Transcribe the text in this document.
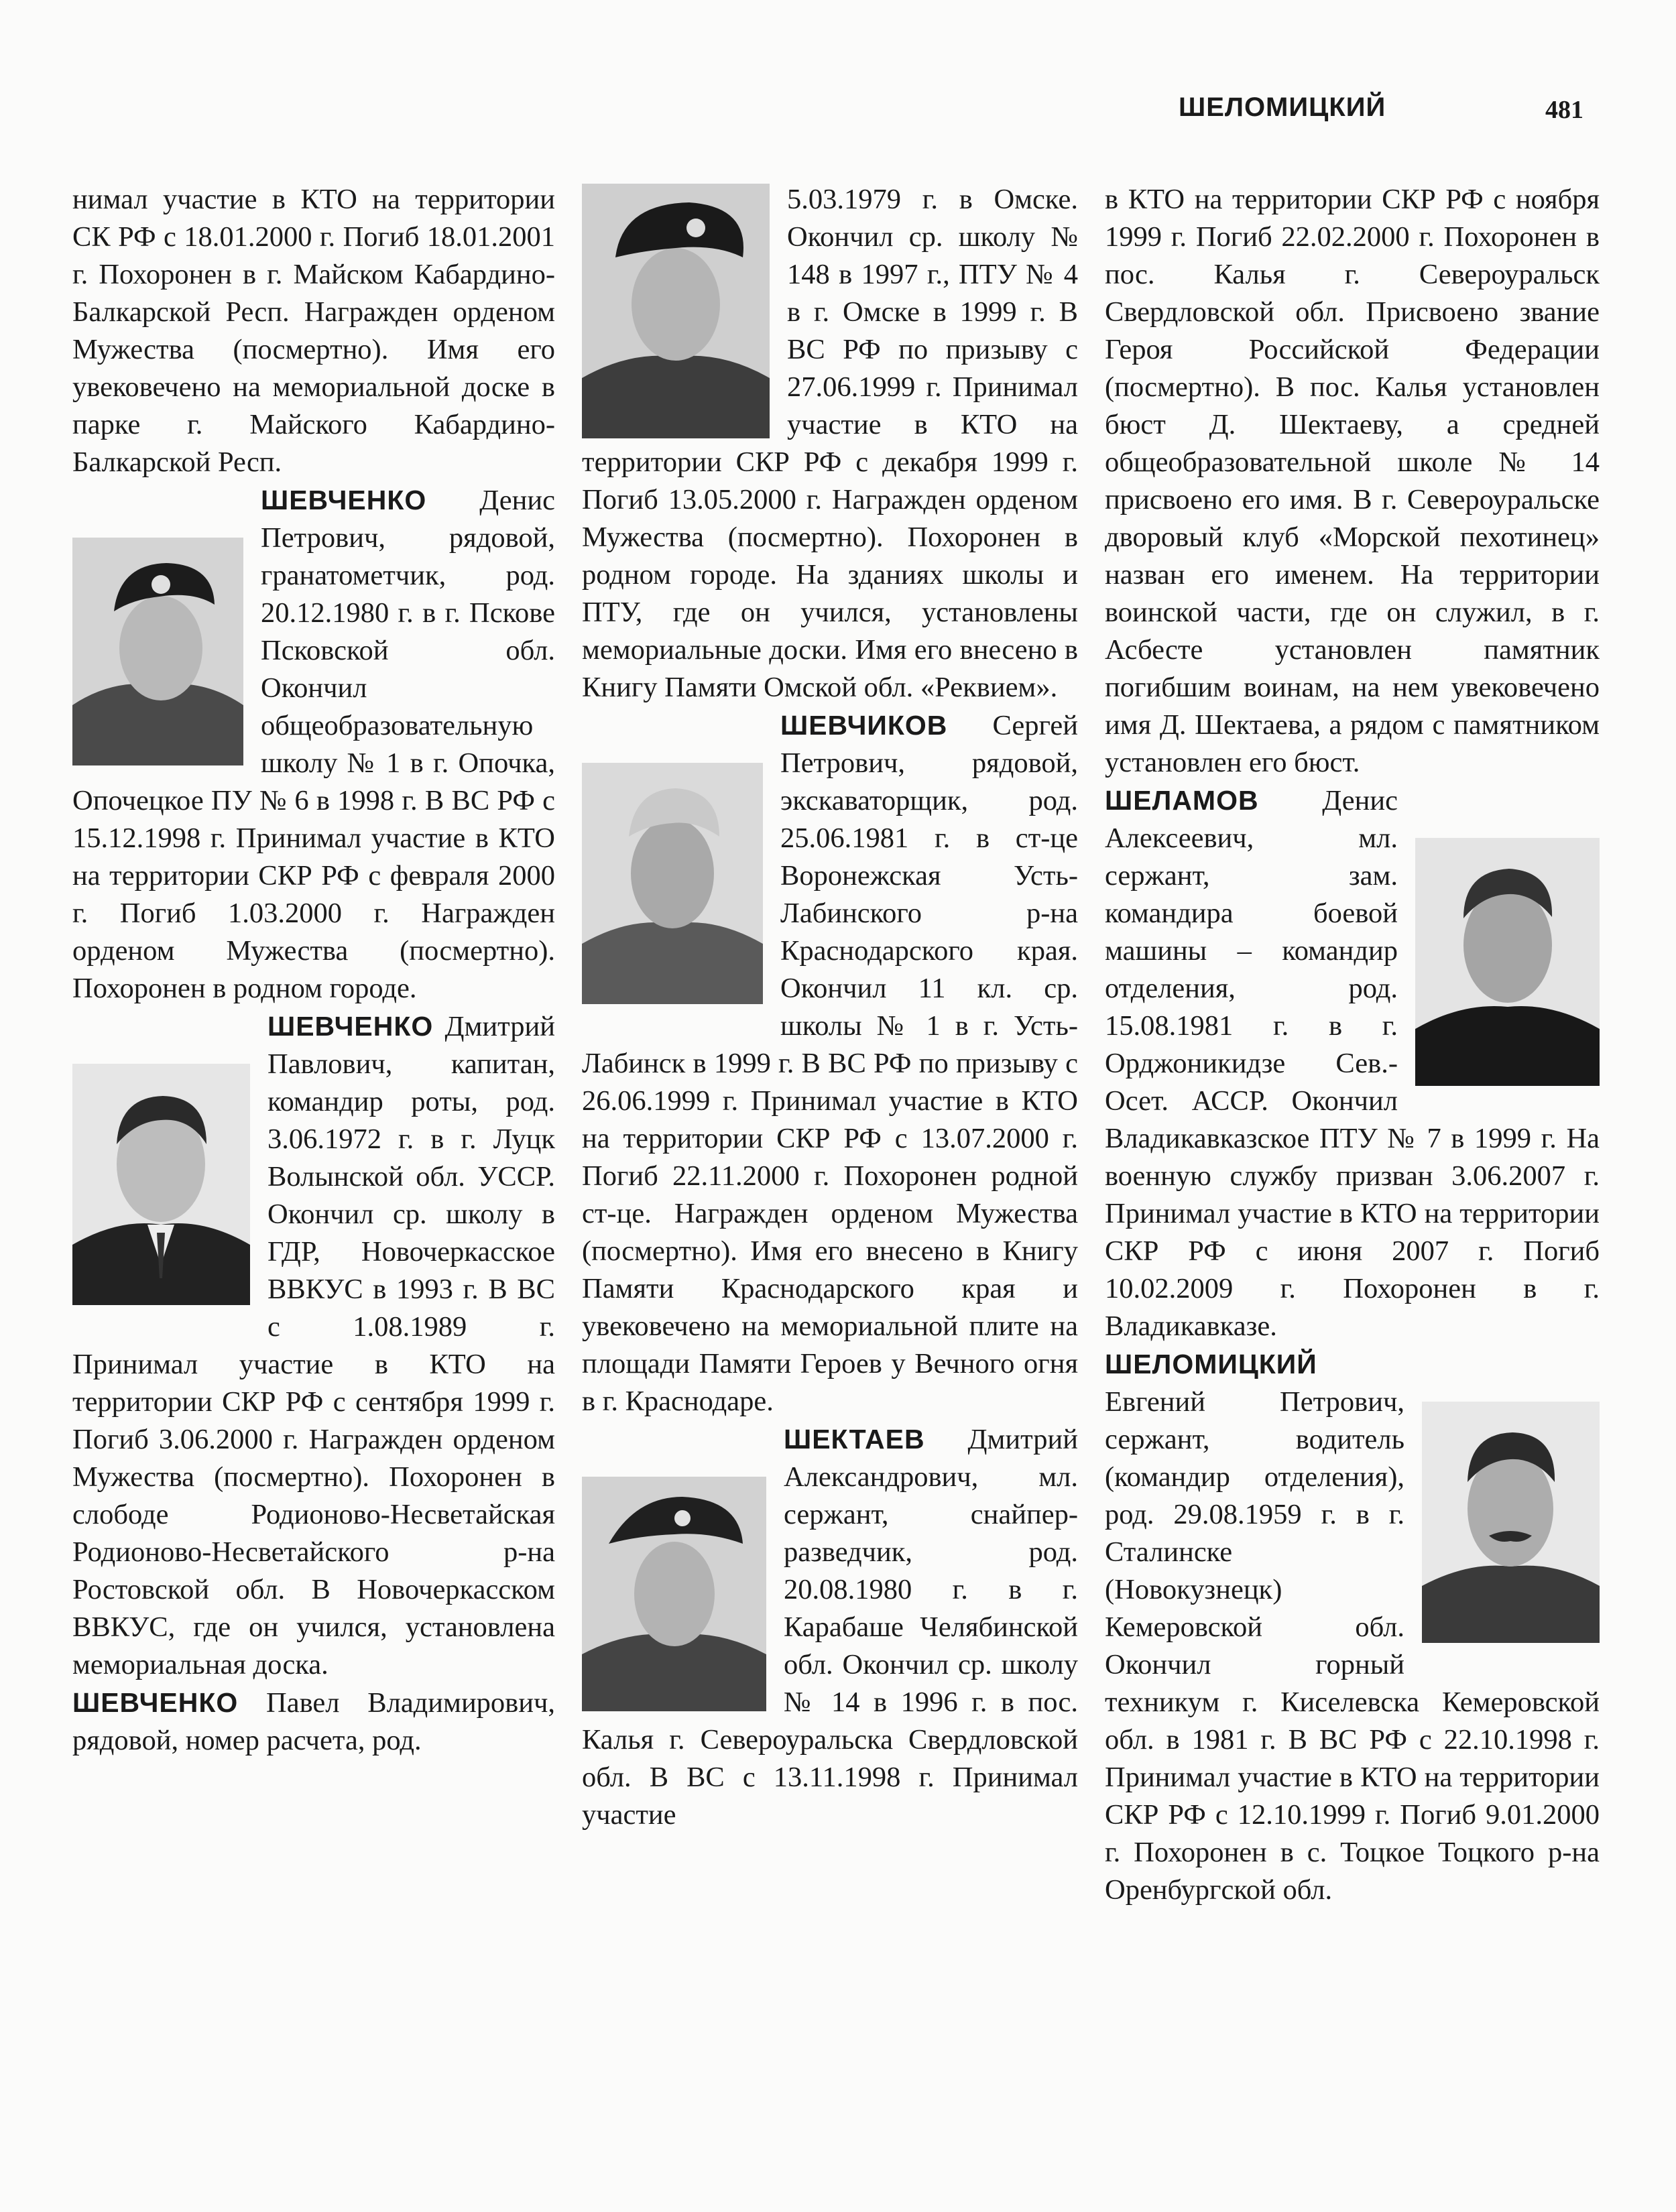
ШЕЛОМИЦКИЙ	481

нимал участие в КТО на территории СК РФ с 18.01.2000 г. Погиб 18.01.2001 г. Похоронен в г. Майском Кабардино-Балкарской Респ. Награжден орденом Мужества (посмертно). Имя его увековечено на мемориальной доске в парке г. Майского Кабардино-Балкарской Респ.

ШЕВЧЕНКО Денис Петрович, рядовой, гранатометчик, род. 20.12.1980 г. в г. Пскове Псковской обл. Окончил общеобразовательную школу № 1 в г. Опочка, Опочецкое ПУ № 6 в 1998 г. В ВС РФ с 15.12.1998 г. Принимал участие в КТО на территории СКР РФ с февраля 2000 г. Погиб 1.03.2000 г. Награжден орденом Мужества (посмертно). Похоронен в родном городе.

ШЕВЧЕНКО Дмитрий Павлович, капитан, командир роты, род. 3.06.1972 г. в г. Луцк Волынской обл. УССР. Окончил ср. школу в ГДР, Новочеркасское ВВКУС в 1993 г. В ВС с 1.08.1989 г. Принимал участие в КТО на территории СКР РФ с сентября 1999 г. Погиб 3.06.2000 г. Награжден орденом Мужества (посмертно). Похоронен в слободе Родионово-Несветайская Родионово-Несветайского р-на Ростовской обл. В Новочеркасском ВВКУС, где он учился, установлена мемориальная доска.

ШЕВЧЕНКО Павел Владимирович, рядовой, номер расчета, род.

5.03.1979 г. в Омске. Окончил ср. школу № 148 в 1997 г., ПТУ № 4 в г. Омске в 1999 г. В ВС РФ по призыву с 27.06.1999 г. Принимал участие в КТО на территории СКР РФ с декабря 1999 г. Погиб 13.05.2000 г. Награжден орденом Мужества (посмертно). Похоронен в родном городе. На зданиях школы и ПТУ, где он учился, установлены мемориальные доски. Имя его внесено в Книгу Памяти Омской обл. «Реквием».

ШЕВЧИКОВ Сергей Петрович, рядовой, экскаваторщик, род. 25.06.1981 г. в ст-це Воронежская Усть-Лабинского р-на Краснодарского края. Окончил 11 кл. ср. школы № 1 в г. Усть-Лабинск в 1999 г. В ВС РФ по призыву с 26.06.1999 г. Принимал участие в КТО на территории СКР РФ с 13.07.2000 г. Погиб 22.11.2000 г. Похоронен родной ст-це. Награжден орденом Мужества (посмертно). Имя его внесено в Книгу Памяти Краснодарского края и увековечено на мемориальной плите на площади Памяти Героев у Вечного огня в г. Краснодаре.

ШЕКТАЕВ Дмитрий Александрович, мл. сержант, снайпер-разведчик, род. 20.08.1980 г. в г. Карабаше Челябинской обл. Окончил ср. школу № 14 в 1996 г. в пос. Калья г. Североуральска Свердловской обл. В ВС с 13.11.1998 г. Принимал участие

в КТО на территории СКР РФ с ноября 1999 г. Погиб 22.02.2000 г. Похоронен в пос. Калья г. Североуральск Свердловской обл. Присвоено звание Героя Российской Федерации (посмертно). В пос. Калья установлен бюст Д. Шектаеву, а средней общеобразовательной школе № 14 присвоено его имя. В г. Североуральске дворовый клуб «Морской пехотинец» назван его именем. На территории воинской части, где он служил, в г. Асбесте установлен памятник погибшим воинам, на нем увековечено имя Д. Шектаева, а рядом с памятником установлен его бюст.

ШЕЛАМОВ Денис Алексеевич, мл. сержант, зам. командира боевой машины – командир отделения, род. 15.08.1981 г. в г. Орджоникидзе Сев.-Осет. АССР. Окончил Владикавказское ПТУ № 7 в 1999 г. На военную службу призван 3.06.2007 г. Принимал участие в КТО на территории СКР РФ с июня 2007 г. Погиб 10.02.2009 г. Похоронен в г. Владикавказе.

ШЕЛОМИЦКИЙ Евгений Петрович, сержант, водитель (командир отделения), род. 29.08.1959 г. в г. Сталинске (Новокузнецк) Кемеровской обл. Окончил горный техникум г. Киселевска Кемеровской обл. в 1981 г. В ВС РФ с 22.10.1998 г. Принимал участие в КТО на территории СКР РФ с 12.10.1999 г. Погиб 9.01.2000 г. Похоронен в с. Тоцкое Тоцкого р-на Оренбургской обл.
